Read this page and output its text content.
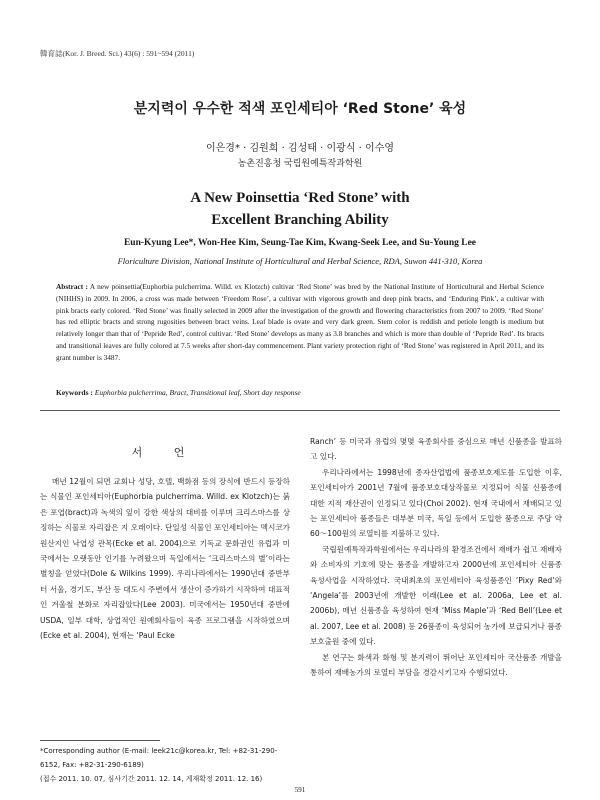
韓育誌(Kor. J. Breed. Sci.) 43(6) : 591~594 (2011)
분지력이 우수한 적색 포인세티아 ‘Red Stone’ 육성
이은경* · 김원희 · 김성태 · 이광식 · 이수영
농촌진흥청 국립원예특작과학원
A New Poinsettia ‘Red Stone’ with
Excellent Branching Ability
Eun-Kyung Lee*, Won-Hee Kim, Seung-Tae Kim, Kwang-Seek Lee, and Su-Young Lee
Floriculture Division, National Institute of Horticultural and Herbal Science, RDA, Suwon 441-310, Korea
Abstract : A new poinsettia(Euphorbia pulcherrima. Willd. ex Klotzch) cultivar ‘Red Stone’ was bred by the National Institute of Horticultural and Herbal Science (NIHHS) in 2009. In 2006, a cross was made between ‘Freedom Rose’, a cultivar with vigorous growth and deep pink bracts, and ‘Enduring Pink’, a cultivar with pink bracts early colored. ‘Red Stone’ was finally selected in 2009 after the investigation of the growth and flowering characteristics from 2007 to 2009. ‘Red Stone’ has red elliptic bracts and strong rugosities between bract veins. Leaf blade is ovate and very dark green. Stem color is reddish and petiole length is medium but relatively longer than that of ‘Pepride Red’, control cultivar. ‘Red Stone’ develops as many as 3.8 branches and which is more than double of ‘Pepride Red’. Its bracts and transitional leaves are fully colored at 7.5 weeks after short-day commencement. Plant variety protection right of ‘Red Stone’ was registered in April 2011, and its grant number is 3487.
Keywords : Euphorbia pulcherrima, Bract, Transitional leaf, Short day response
서 언

매년 12월이 되면 교회나 성당, 호텔, 백화점 등의 장식에 반드시 등장하는 식물인 포인세티아(Euphorbia pulcherrima. Willd. ex Klotzch)는 붉은 포엽(bract)과 녹색의 잎이 강한 색상의 대비를 이루며 크리스마스를 상징하는 식물로 자리잡은 지 오래이다. 단일성 식물인 포인세티아는 멕시코가 원산지인 낙엽성 관목(Ecke et al. 2004)으로 기독교 문화권인 유럽과 미국에서는 오랫동안 인기를 누려왔으며 독일에서는 ‘크리스마스의 별’이라는 별칭을 얻었다(Dole & Wilkins 1999). 우리나라에서는 1990년대 중반부터 서울, 경기도, 부산 등 대도시 주변에서 생산이 증가하기 시작하여 대표적인 겨울철 분화로 자리잡았다(Lee 2003). 미국에서는 1950년대 중반에 USDA, 일부 대학, 상업적인 원예회사들이 육종 프로그램을 시작하였으며(Ecke et al. 2004), 현재는 ‘Paul Ecke

Ranch’ 등 미국과 유럽의 몇몇 육종회사를 중심으로 매년 신품종을 발표하고 있다.

우리나라에서는 1998년에 종자산업법에 품종보호제도를 도입한 이후, 포인세티아가 2001년 7월에 품종보호대상작물로 지정되어 식물 신품종에 대한 지적 재산권이 인정되고 있다(Choi 2002). 현재 국내에서 재배되고 있는 포인세티아 품종들은 대부분 미국, 독일 등에서 도입한 품종으로 주당 약 60～100원의 로열티를 지불하고 있다.

국립원예특작과학원에서는 우리나라의 환경조건에서 재배가 쉽고 재배자와 소비자의 기호에 맞는 품종을 개발하고자 2000년에 포인세티아 신품종 육성사업을 시작하였다. 국내최초의 포인세티아 육성품종인 ‘Pixy Red’와 ‘Angela’를 2003년에 개발한 이래(Lee et al. 2006a, Lee et al. 2006b), 매년 신품종을 육성하여 현재 ‘Miss Maple’과 ‘Red Bell’(Lee et al. 2007, Lee et al. 2008) 등 26품종이 육성되어 농가에 보급되거나 품종보호출원 중에 있다.

본 연구는 화색과 화형 및 분지력이 뛰어난 포인세티아 국산품종 개발을 통하여 재배농가의 로열티 부담을 경감시키고자 수행되었다.

*Corresponding author (E-mail: leek21c@korea.kr, Tel: +82-31-290-6152, Fax: +82-31-290-6189)
(접수 2011. 10. 07, 심사기간 2011. 12. 14, 게재확정 2011. 12. 16)
591
